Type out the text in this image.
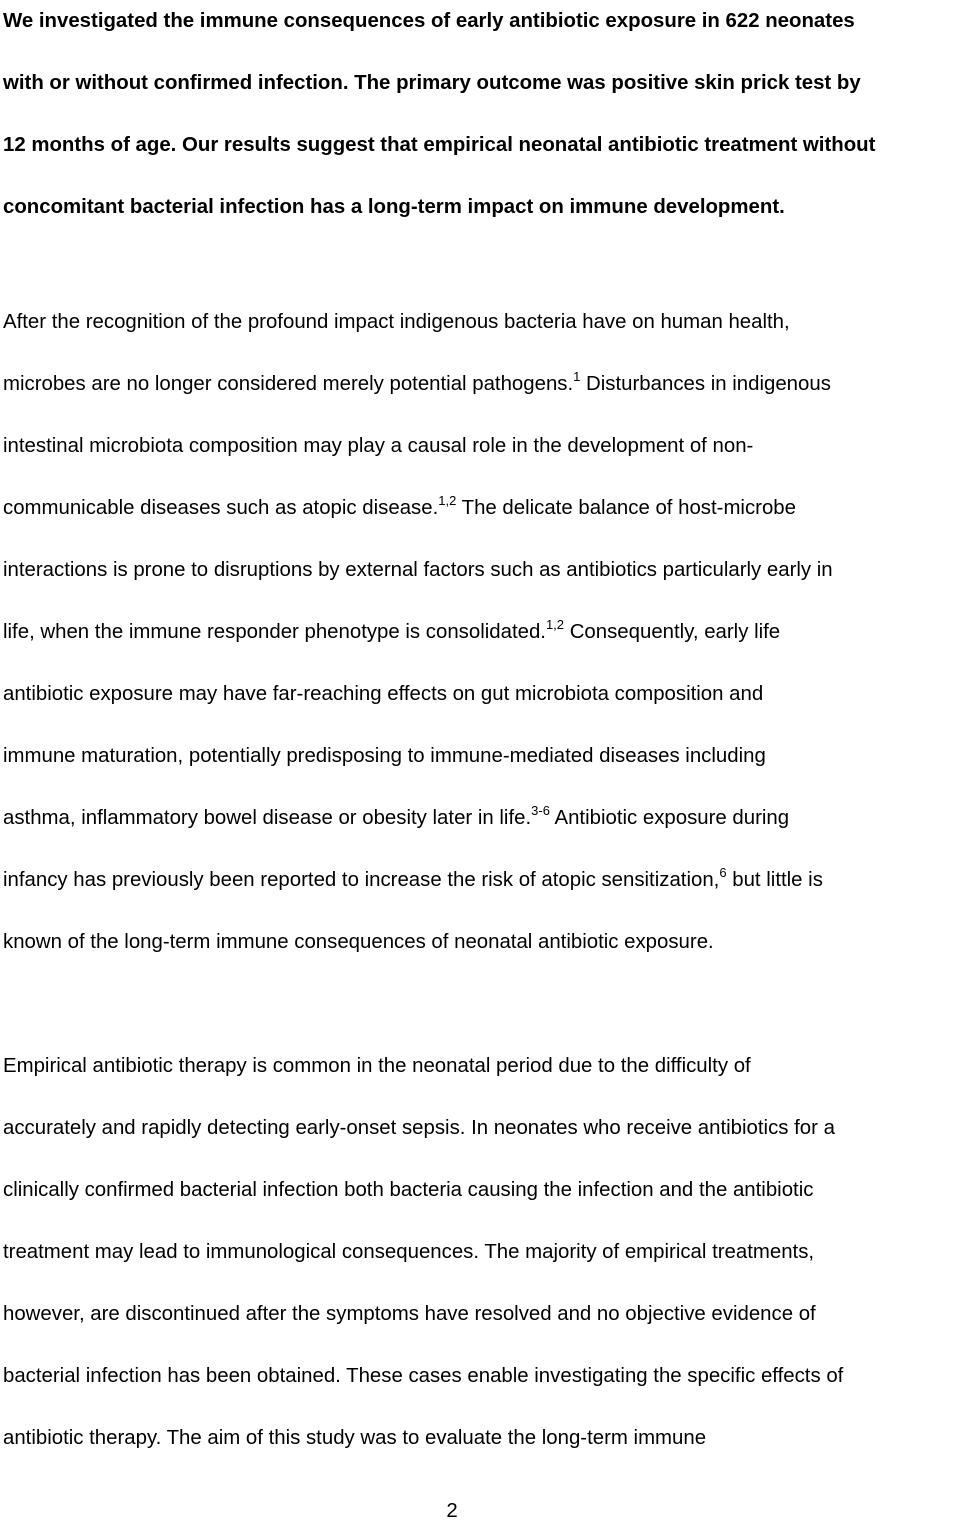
We investigated the immune consequences of early antibiotic exposure in 622 neonates
with or without confirmed infection. The primary outcome was positive skin prick test by
12 months of age. Our results suggest that empirical neonatal antibiotic treatment without
concomitant bacterial infection has a long-term impact on immune development.
After the recognition of the profound impact indigenous bacteria have on human health,
microbes are no longer considered merely potential pathogens.$^1$ Disturbances in indigenous
intestinal microbiota composition may play a causal role in the development of non-
communicable diseases such as atopic disease.$^{1,2}$ The delicate balance of host-microbe
interactions is prone to disruptions by external factors such as antibiotics particularly early in
life, when the immune responder phenotype is consolidated.$^{1,2}$ Consequently, early life
antibiotic exposure may have far-reaching effects on gut microbiota composition and
immune maturation, potentially predisposing to immune-mediated diseases including
asthma, inflammatory bowel disease or obesity later in life.$^{3-6}$ Antibiotic exposure during
infancy has previously been reported to increase the risk of atopic sensitization,$^6$ but little is
known of the long-term immune consequences of neonatal antibiotic exposure.
Empirical antibiotic therapy is common in the neonatal period due to the difficulty of
accurately and rapidly detecting early-onset sepsis. In neonates who receive antibiotics for a
clinically confirmed bacterial infection both bacteria causing the infection and the antibiotic
treatment may lead to immunological consequences. The majority of empirical treatments,
however, are discontinued after the symptoms have resolved and no objective evidence of
bacterial infection has been obtained. These cases enable investigating the specific effects of
antibiotic therapy. The aim of this study was to evaluate the long-term immune
2
